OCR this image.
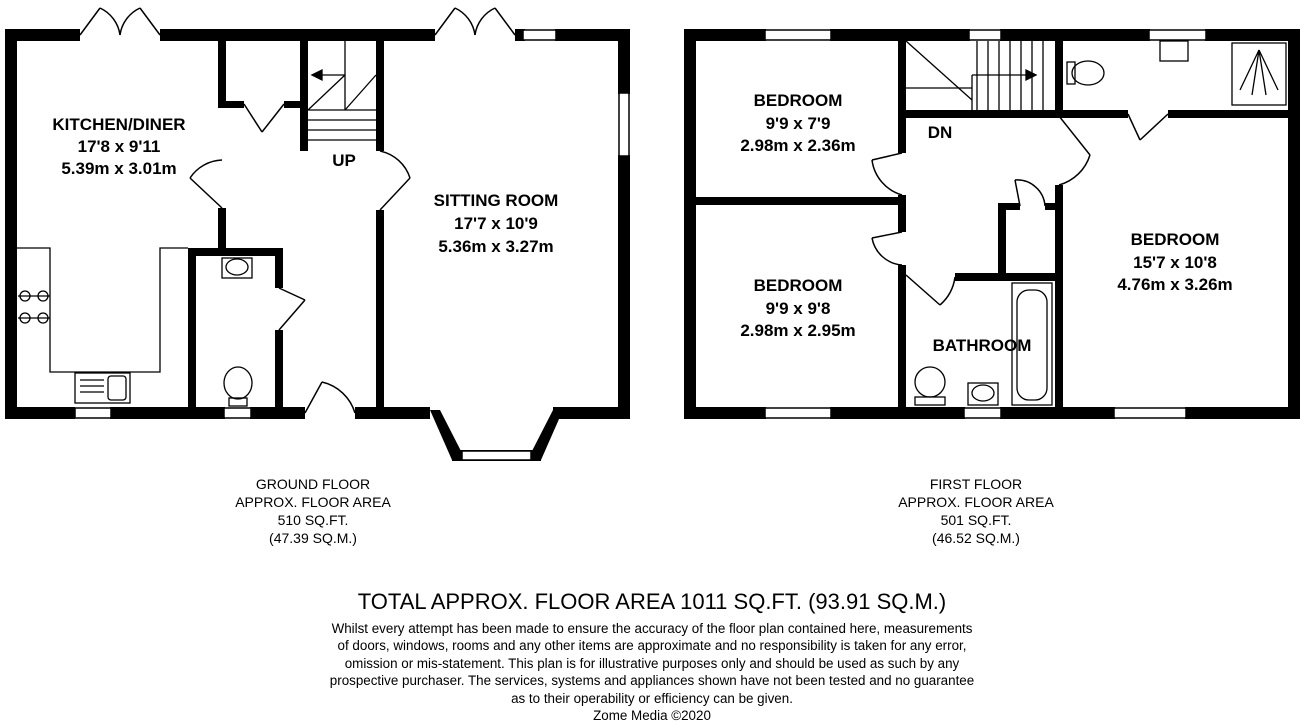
KITCHEN/DINER
17'8 x 9'11
5.39m x 3.01m
SITTING ROOM
17'7 x 10'9
5.36m x 3.27m
UP
BEDROOM
9'9 x 7'9
2.98m x 2.36m
BEDROOM
9'9 x 9'8
2.98m x 2.95m
BEDROOM
15'7 x 10'8
4.76m x 3.26m
BATHROOM
DN
GROUND FLOOR
APPROX. FLOOR AREA
510 SQ.FT.
(47.39 SQ.M.)
FIRST FLOOR
APPROX. FLOOR AREA
501 SQ.FT.
(46.52 SQ.M.)
TOTAL APPROX. FLOOR AREA 1011 SQ.FT. (93.91 SQ.M.)
Whilst every attempt has been made to ensure the accuracy of the floor plan contained here, measurements
of doors, windows, rooms and any other items are approximate and no responsibility is taken for any error,
omission or mis-statement. This plan is for illustrative purposes only and should be used as such by any
prospective purchaser. The services, systems and appliances shown have not been tested and no guarantee
as to their operability or efficiency can be given.
Zome Media ©2020
